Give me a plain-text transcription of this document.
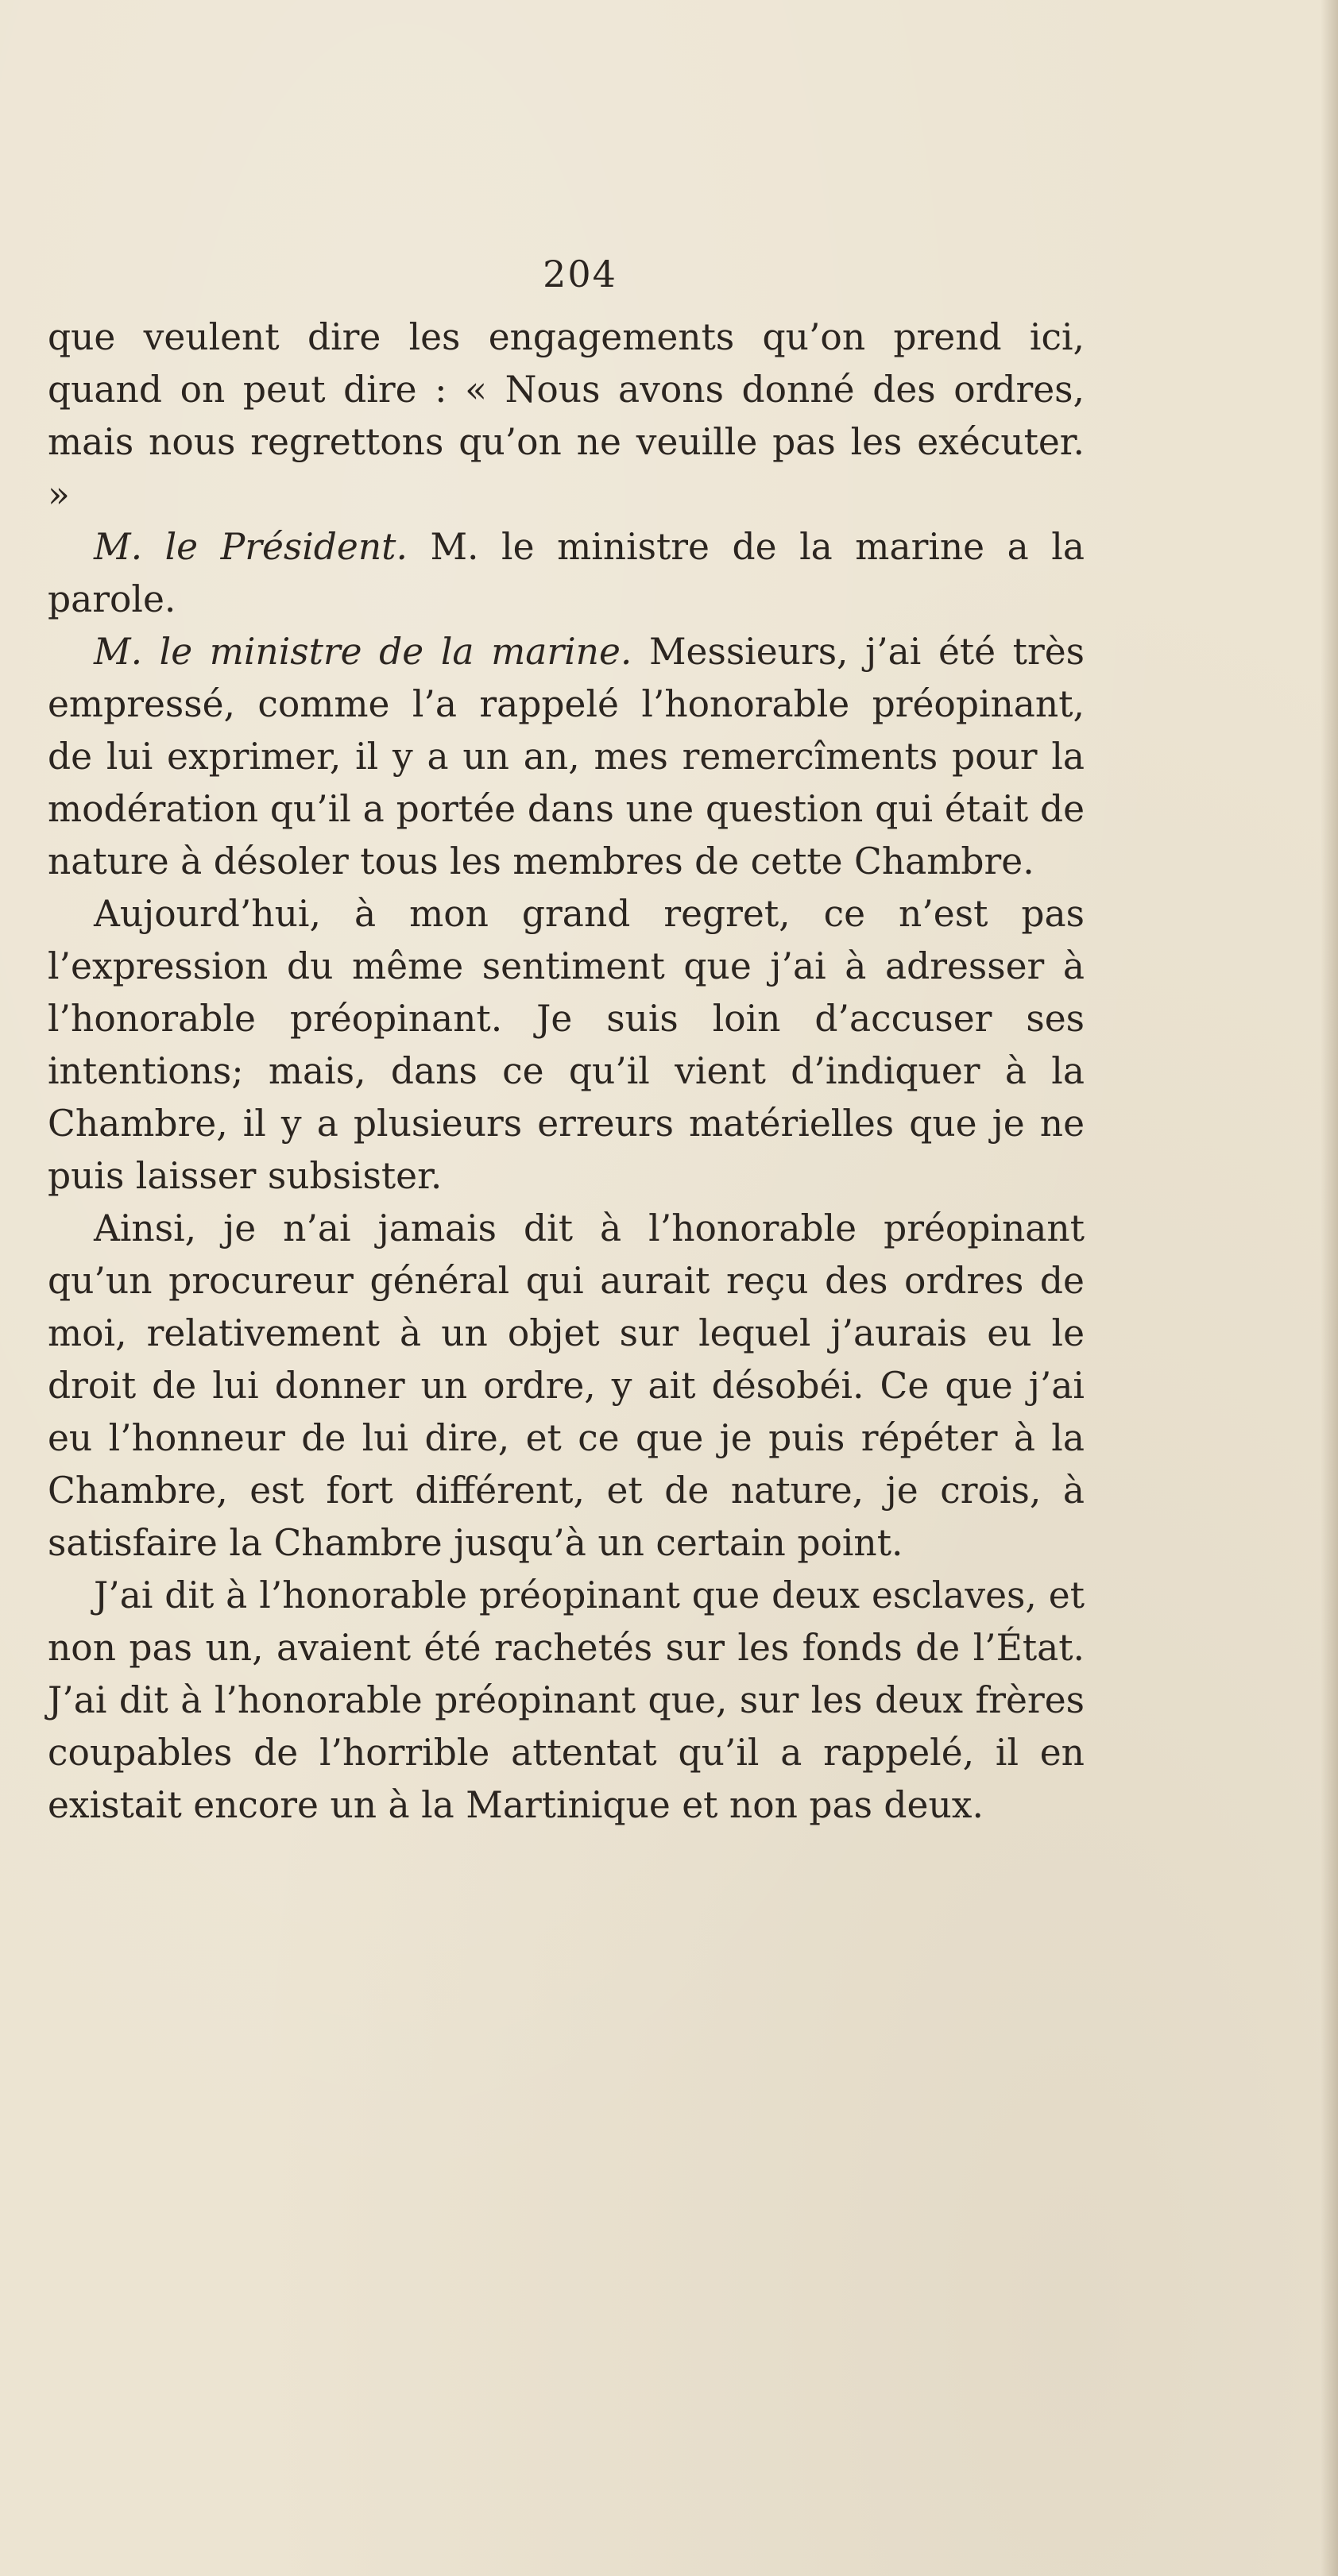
204

que veulent dire les engagements qu’on prend ici, quand on peut dire : « Nous avons donné des ordres, mais nous regrettons qu’on ne veuille pas les exécuter. »

M. le Président. M. le ministre de la marine a la parole.

M. le ministre de la marine. Messieurs, j’ai été très empressé, comme l’a rappelé l’honorable préopinant, de lui exprimer, il y a un an, mes remercîments pour la modération qu’il a portée dans une question qui était de nature à désoler tous les membres de cette Chambre.

Aujourd’hui, à mon grand regret, ce n’est pas l’expression du même sentiment que j’ai à adresser à l’honorable préopinant. Je suis loin d’accuser ses intentions; mais, dans ce qu’il vient d’indiquer à la Chambre, il y a plusieurs erreurs matérielles que je ne puis laisser subsister.

Ainsi, je n’ai jamais dit à l’honorable préopinant qu’un procureur général qui aurait reçu des ordres de moi, relativement à un objet sur lequel j’aurais eu le droit de lui donner un ordre, y ait désobéi. Ce que j’ai eu l’honneur de lui dire, et ce que je puis répéter à la Chambre, est fort différent, et de nature, je crois, à satisfaire la Chambre jusqu’à un certain point.

J’ai dit à l’honorable préopinant que deux esclaves, et non pas un, avaient été rachetés sur les fonds de l’État. J’ai dit à l’honorable préopinant que, sur les deux frères coupables de l’horrible attentat qu’il a rappelé, il en existait encore un à la Martinique et non pas deux.
